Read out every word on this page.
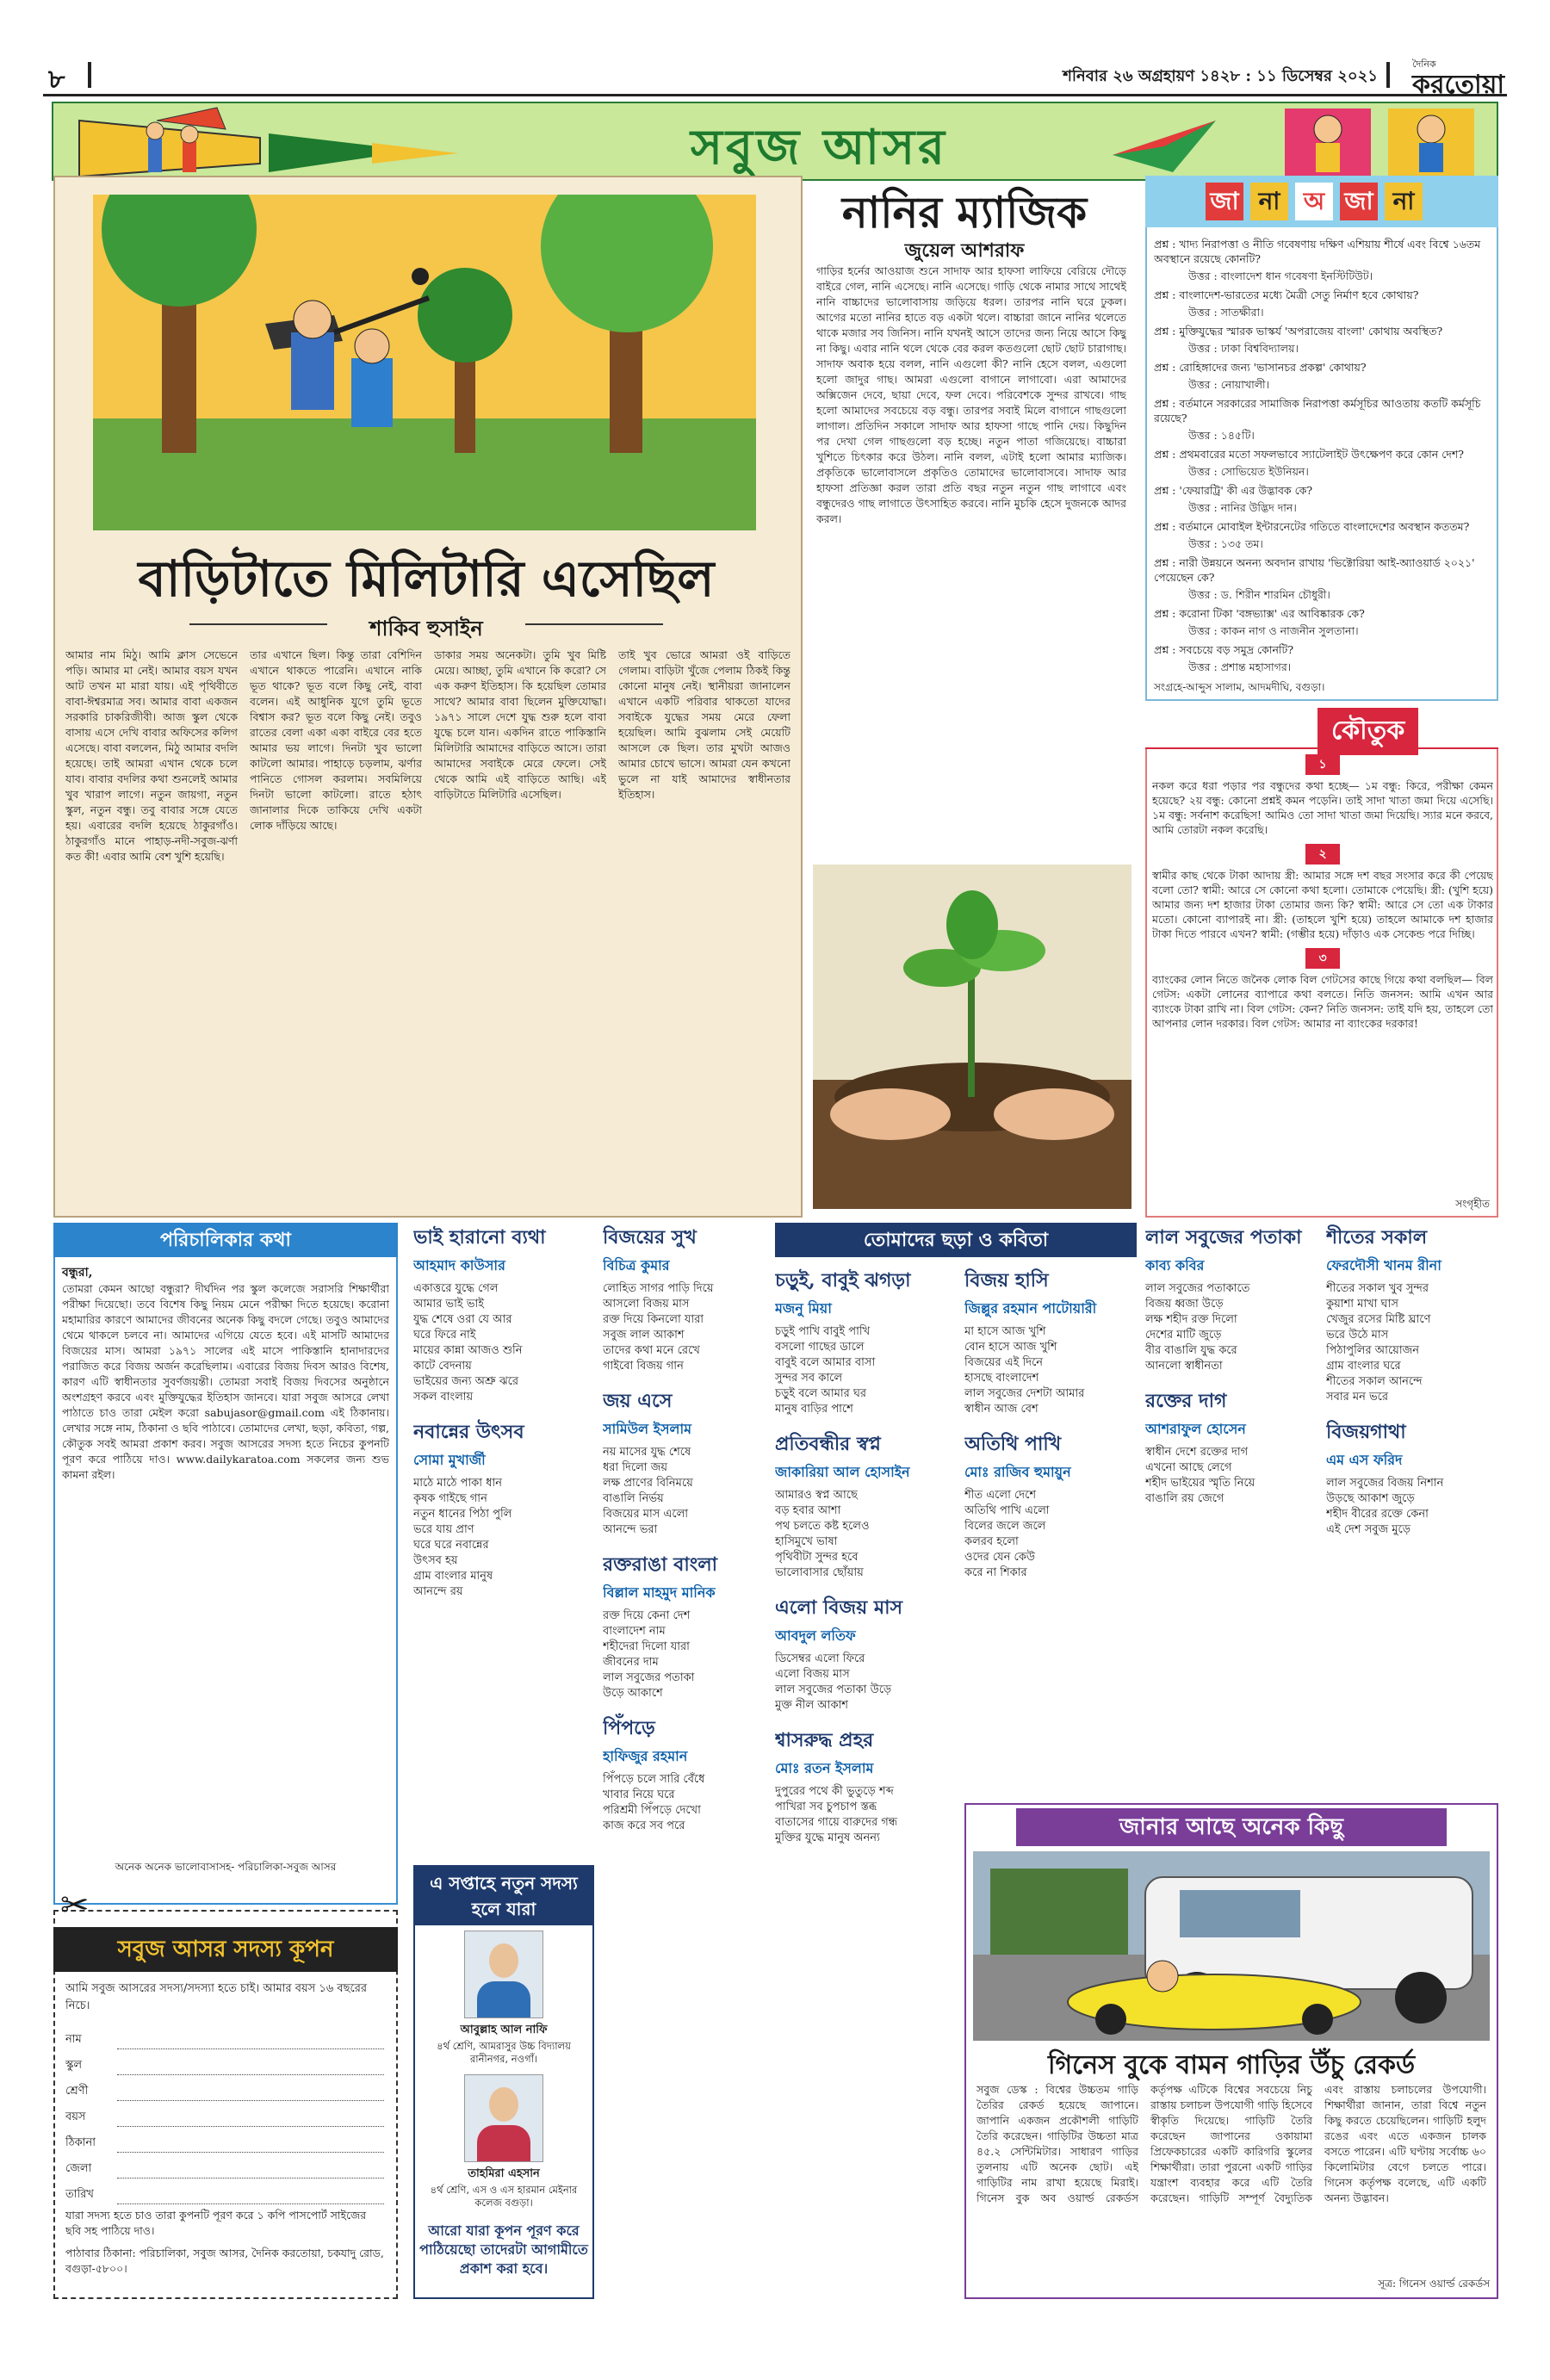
৮	শনিবার ২৬ অগ্রহায়ণ ১৪২৮ : ১১ ডিসেম্বর ২০২১
দৈনিক
করতোয়া
সবুজ আসর
বাড়িটাতে মিলিটারি এসেছিল
শাকিব হুসাইন
আমার নাম মিঠু। আমি ক্লাস সেভেনে পড়ি। আমার মা নেই। আমার বয়স যখন আট তখন মা মারা যায়। এই পৃথিবীতে বাবা-ঈশ্বরমাত্র সব। আমার বাবা একজন সরকারি চাকরিজীবী। আজ স্কুল থেকে বাসায় এসে দেখি বাবার অফিসের কলিগ এসেছে। বাবা বললেন, মিঠু আমার বদলি হয়েছে। তাই আমরা এখান থেকে চলে যাব। বাবার বদলির কথা শুনলেই আমার খুব খারাপ লাগে। নতুন জায়গা, নতুন স্কুল, নতুন বন্ধু। তবু বাবার সঙ্গে যেতে হয়। এবারের বদলি হয়েছে ঠাকুরগাঁও। ঠাকুরগাঁও মানে পাহাড়-নদী-সবুজ-ঝর্ণা কত কী! এবার আমি বেশ খুশি হয়েছি।
তার এখানে ছিল। কিন্তু তারা বেশিদিন এখানে থাকতে পারেনি। এখানে নাকি ভূত থাকে? ভূত বলে কিছু নেই, বাবা বলেন। এই আধুনিক যুগে তুমি ভূতে বিশ্বাস কর? ভূত বলে কিছু নেই। তবুও রাতের বেলা একা একা বাইরে বের হতে আমার ভয় লাগে। দিনটা খুব ভালো কাটলো আমার। পাহাড়ে চড়লাম, ঝর্ণার পানিতে গোসল করলাম। সবমিলিয়ে দিনটা ভালো কাটলো। রাতে হঠাৎ জানালার দিকে তাকিয়ে দেখি একটা লোক দাঁড়িয়ে আছে।
ডাকার সময় অনেকটা। তুমি খুব মিষ্টি মেয়ে। আচ্ছা, তুমি এখানে কি করো? সে এক করুণ ইতিহাস। কি হয়েছিল তোমার সাথে? আমার বাবা ছিলেন মুক্তিযোদ্ধা। ১৯৭১ সালে দেশে যুদ্ধ শুরু হলে বাবা যুদ্ধে চলে যান। একদিন রাতে পাকিস্তানি মিলিটারি আমাদের বাড়িতে আসে। তারা আমাদের সবাইকে মেরে ফেলে। সেই থেকে আমি এই বাড়িতে আছি। এই বাড়িটাতে মিলিটারি এসেছিল।
তাই খুব ভোরে আমরা ওই বাড়িতে গেলাম। বাড়িটা খুঁজে পেলাম ঠিকই কিন্তু কোনো মানুষ নেই। স্থানীয়রা জানালেন এখানে একটি পরিবার থাকতো যাদের সবাইকে যুদ্ধের সময় মেরে ফেলা হয়েছিল। আমি বুঝলাম সেই মেয়েটি আসলে কে ছিল। তার মুখটা আজও আমার চোখে ভাসে। আমরা যেন কখনো ভুলে না যাই আমাদের স্বাধীনতার ইতিহাস।
নানির ম্যাজিক
জুয়েল আশরাফ
গাড়ির হর্নের আওয়াজ শুনে সাদাফ আর হাফসা লাফিয়ে বেরিয়ে দৌড়ে বাইরে গেল, নানি এসেছে। নানি এসেছে। গাড়ি থেকে নামার সাথে সাথেই নানি বাচ্চাদের ভালোবাসায় জড়িয়ে ধরল। তারপর নানি ঘরে ঢুকল। আগের মতো নানির হাতে বড় একটা থলে। বাচ্চারা জানে নানির থলেতে থাকে মজার সব জিনিস। নানি যখনই আসে তাদের জন্য নিয়ে আসে কিছু না কিছু। এবার নানি থলে থেকে বের করল কতগুলো ছোট ছোট চারাগাছ। সাদাফ অবাক হয়ে বলল, নানি এগুলো কী? নানি হেসে বলল, এগুলো হলো জাদুর গাছ। আমরা এগুলো বাগানে লাগাবো। এরা আমাদের অক্সিজেন দেবে, ছায়া দেবে, ফল দেবে। পরিবেশকে সুন্দর রাখবে। গাছ হলো আমাদের সবচেয়ে বড় বন্ধু। তারপর সবাই মিলে বাগানে গাছগুলো লাগাল। প্রতিদিন সকালে সাদাফ আর হাফসা গাছে পানি দেয়। কিছুদিন পর দেখা গেল গাছগুলো বড় হচ্ছে। নতুন পাতা গজিয়েছে। বাচ্চারা খুশিতে চিৎকার করে উঠল। নানি বলল, এটাই হলো আমার ম্যাজিক। প্রকৃতিকে ভালোবাসলে প্রকৃতিও তোমাদের ভালোবাসবে। সাদাফ আর হাফসা প্রতিজ্ঞা করল তারা প্রতি বছর নতুন নতুন গাছ লাগাবে এবং বন্ধুদেরও গাছ লাগাতে উৎসাহিত করবে। নানি মুচকি হেসে দুজনকে আদর করল।
জা না অ জা না
প্রশ্ন : খাদ্য নিরাপত্তা ও নীতি গবেষণায় দক্ষিণ এশিয়ায় শীর্ষে এবং বিশ্বে ১৬তম অবস্থানে রয়েছে কোনটি?
উত্তর : বাংলাদেশ ধান গবেষণা ইনস্টিটিউট।
প্রশ্ন : বাংলাদেশ-ভারতের মধ্যে মৈত্রী সেতু নির্মাণ হবে কোথায়?
উত্তর : সাতক্ষীরা।
প্রশ্ন : মুক্তিযুদ্ধের স্মারক ভাস্কর্য 'অপরাজেয় বাংলা' কোথায় অবস্থিত?
উত্তর : ঢাকা বিশ্ববিদ্যালয়।
প্রশ্ন : রোহিঙ্গাদের জন্য 'ভাসানচর প্রকল্প' কোথায়?
উত্তর : নোয়াখালী।
প্রশ্ন : বর্তমানে সরকারের সামাজিক নিরাপত্তা কর্মসূচির আওতায় কতটি কর্মসূচি রয়েছে?
উত্তর : ১৪৫টি।
প্রশ্ন : প্রথমবারের মতো সফলভাবে স্যাটেলাইট উৎক্ষেপণ করে কোন দেশ?
উত্তর : সোভিয়েত ইউনিয়ন।
প্রশ্ন : 'ফেয়ারট্রি' কী এর উদ্ভাবক কে?
উত্তর : নানির উদ্ভিদ দান।
প্রশ্ন : বর্তমানে মোবাইল ইন্টারনেটের গতিতে বাংলাদেশের অবস্থান কততম?
উত্তর : ১৩৫ তম।
প্রশ্ন : নারী উন্নয়নে অনন্য অবদান রাখায় 'ভিক্টোরিয়া আই-অ্যাওয়ার্ড ২০২১' পেয়েছেন কে?
উত্তর : ড. শিরীন শারমিন চৌধুরী।
প্রশ্ন : করোনা টিকা 'বঙ্গভ্যাক্স' এর আবিষ্কারক কে?
উত্তর : কাকন নাগ ও নাজনীন সুলতানা।
প্রশ্ন : সবচেয়ে বড় সমুদ্র কোনটি?
উত্তর : প্রশান্ত মহাসাগর।
সংগ্রহে-আব্দুস সালাম, আদমদীঘি, বগুড়া।
কৌতুক
১
নকল করে ধরা পড়ার পর বন্ধুদের কথা হচ্ছে— ১ম বন্ধু: কিরে, পরীক্ষা কেমন হয়েছে? ২য় বন্ধু: কোনো প্রশ্নই কমন পড়েনি। তাই সাদা খাতা জমা দিয়ে এসেছি। ১ম বন্ধু: সর্বনাশ করেছিস! আমিও তো সাদা খাতা জমা দিয়েছি। স্যার মনে করবে, আমি তোরটা নকল করেছি।
২
স্বামীর কাছ থেকে টাকা আদায় স্ত্রী: আমার সঙ্গে দশ বছর সংসার করে কী পেয়েছ বলো তো? স্বামী: আরে সে কোনো কথা হলো। তোমাকে পেয়েছি। স্ত্রী: (খুশি হয়ে) আমার জন্য দশ হাজার টাকা তোমার জন্য কি? স্বামী: আরে সে তো এক টাকার মতো। কোনো ব্যাপারই না। স্ত্রী: (তাহলে খুশি হয়ে) তাহলে আমাকে দশ হাজার টাকা দিতে পারবে এখন? স্বামী: (গম্ভীর হয়ে) দাঁড়াও এক সেকেন্ড পরে দিচ্ছি।
৩
ব্যাংকের লোন নিতে জনৈক লোক বিল গেটসের কাছে গিয়ে কথা বলছিল— বিল গেটস: একটা লোনের ব্যাপারে কথা বলতে। নিতি জনসন: আমি এখন আর ব্যাংকে টাকা রাখি না। বিল গেটস: কেন? নিতি জনসন: তাই যদি হয়, তাহলে তো আপনার লোন দরকার। বিল গেটস: আমার না ব্যাংকের দরকার!
সংগৃহীত
পরিচালিকার কথা
বন্ধুরা,
তোমরা কেমন আছো বন্ধুরা? দীর্ঘদিন পর স্কুল কলেজে সরাসরি শিক্ষার্থীরা পরীক্ষা দিয়েছো। তবে বিশেষ কিছু নিয়ম মেনে পরীক্ষা দিতে হয়েছে। করোনা মহামারির কারণে আমাদের জীবনের অনেক কিছু বদলে গেছে। তবুও আমাদের থেমে থাকলে চলবে না। আমাদের এগিয়ে যেতে হবে। এই মাসটি আমাদের বিজয়ের মাস। আমরা ১৯৭১ সালের এই মাসে পাকিস্তানি হানাদারদের পরাজিত করে বিজয় অর্জন করেছিলাম। এবারের বিজয় দিবস আরও বিশেষ, কারণ এটি স্বাধীনতার সুবর্ণজয়ন্তী। তোমরা সবাই বিজয় দিবসের অনুষ্ঠানে অংশগ্রহণ করবে এবং মুক্তিযুদ্ধের ইতিহাস জানবে। যারা সবুজ আসরে লেখা পাঠাতে চাও তারা মেইল করো sabujasor@gmail.com এই ঠিকানায়। লেখার সঙ্গে নাম, ঠিকানা ও ছবি পাঠাবে। তোমাদের লেখা, ছড়া, কবিতা, গল্প, কৌতুক সবই আমরা প্রকাশ করব। সবুজ আসরের সদস্য হতে নিচের কুপনটি পূরণ করে পাঠিয়ে দাও। www.dailykaratoa.com সকলের জন্য শুভ কামনা রইল।
অনেক অনেক ভালোবাসাসহ- পরিচালিকা-সবুজ আসর
✂
সবুজ আসর সদস্য কূপন
আমি সবুজ আসরের সদস্য/সদস্যা হতে চাই। আমার বয়স ১৬ বছরের নিচে।
নাম
স্কুল
শ্রেণী
বয়স
ঠিকানা
জেলা
তারিখ
যারা সদস্য হতে চাও তারা কুপনটি পূরণ করে ১ কপি পাসপোর্ট সাইজের ছবি সহ পাঠিয়ে দাও।
পাঠাবার ঠিকানা: পরিচালিকা, সবুজ আসর, দৈনিক করতোয়া, চকযাদু রোড, বগুড়া-৫৮০০।
তোমাদের ছড়া ও কবিতা
ভাই হারানো ব্যথা
আহমাদ কাউসার
একাত্তরে যুদ্ধে গেল
আমার ভাই ভাই
যুদ্ধ শেষে ওরা যে আর
ঘরে ফিরে নাই
মায়ের কান্না আজও শুনি
কাটে বেদনায়
ভাইয়ের জন্য অশ্রু ঝরে
সকল বাংলায়
নবান্নের উৎসব
সোমা মুখার্জী
মাঠে মাঠে পাকা ধান
কৃষক গাইছে গান
নতুন ধানের পিঠা পুলি
ভরে যায় প্রাণ
ঘরে ঘরে নবান্নের
উৎসব হয়
গ্রাম বাংলার মানুষ
আনন্দে রয়
বিজয়ের সুখ
বিচিত্র কুমার
লোহিত সাগর পাড়ি দিয়ে
আসলো বিজয় মাস
রক্ত দিয়ে কিনলো যারা
সবুজ লাল আকাশ
তাদের কথা মনে রেখে
গাইবো বিজয় গান
জয় এসে
সামিউল ইসলাম
নয় মাসের যুদ্ধ শেষে
ধরা দিলো জয়
লক্ষ প্রাণের বিনিময়ে
বাঙালি নির্ভয়
বিজয়ের মাস এলো
আনন্দে ভরা
রক্তরাঙা বাংলা
বিল্লাল মাহমুদ মানিক
রক্ত দিয়ে কেনা দেশ
বাংলাদেশ নাম
শহীদেরা দিলো যারা
জীবনের দাম
লাল সবুজের পতাকা
উড়ে আকাশে
পিঁপড়ে
হাফিজুর রহমান
পিঁপড়ে চলে সারি বেঁধে
খাবার নিয়ে ঘরে
পরিশ্রমী পিঁপড়ে দেখো
কাজ করে সব পরে
চড়ুই, বাবুই ঝগড়া
মজনু মিয়া
চড়ুই পাখি বাবুই পাখি
বসলো গাছের ডালে
বাবুই বলে আমার বাসা
সুন্দর সব কালে
চড়ুই বলে আমার ঘর
মানুষ বাড়ির পাশে
প্রতিবন্ধীর স্বপ্ন
জাকারিয়া আল হোসাইন
আমারও স্বপ্ন আছে
বড় হবার আশা
পথ চলতে কষ্ট হলেও
হাসিমুখে ভাষা
পৃথিবীটা সুন্দর হবে
ভালোবাসার ছোঁয়ায়
এলো বিজয় মাস
আবদুল লতিফ
ডিসেম্বর এলো ফিরে
এলো বিজয় মাস
লাল সবুজের পতাকা উড়ে
মুক্ত নীল আকাশ
শ্বাসরুদ্ধ প্রহর
মোঃ রতন ইসলাম
দুপুরের পথে কী ভুতুড়ে শব্দ
পাখিরা সব চুপচাপ স্তব্ধ
বাতাসের গায়ে বারুদের গন্ধ
মুক্তির যুদ্ধে মানুষ অনন্য
বিজয় হাসি
জিল্লুর রহমান পাটোয়ারী
মা হাসে আজ খুশি
বোন হাসে আজ খুশি
বিজয়ের এই দিনে
হাসছে বাংলাদেশ
লাল সবুজের দেশটা আমার
স্বাধীন আজ বেশ
অতিথি পাখি
মোঃ রাজিব হুমায়ুন
শীত এলো দেশে
অতিথি পাখি এলো
বিলের জলে জলে
কলরব হলো
ওদের যেন কেউ
করে না শিকার
লাল সবুজের পতাকা
কাব্য কবির
লাল সবুজের পতাকাতে
বিজয় ধ্বজা উড়ে
লক্ষ শহীদ রক্ত দিলো
দেশের মাটি জুড়ে
বীর বাঙালি যুদ্ধ করে
আনলো স্বাধীনতা
রক্তের দাগ
আশরাফুল হোসেন
স্বাধীন দেশে রক্তের দাগ
এখনো আছে লেগে
শহীদ ভাইয়ের স্মৃতি নিয়ে
বাঙালি রয় জেগে
শীতের সকাল
ফেরদৌসী খানম রীনা
শীতের সকাল খুব সুন্দর
কুয়াশা মাখা ঘাস
খেজুর রসের মিষ্টি ঘ্রাণে
ভরে উঠে মাস
পিঠাপুলির আয়োজন
গ্রাম বাংলার ঘরে
শীতের সকাল আনন্দে
সবার মন ভরে
বিজয়গাথা
এম এস ফরিদ
লাল সবুজের বিজয় নিশান
উড়ছে আকাশ জুড়ে
শহীদ বীরের রক্তে কেনা
এই দেশ সবুজ মুড়ে
এ সপ্তাহে নতুন সদস্য হলে যারা
আবুল্লাহ আল নাফি
৪র্থ শ্রেণি, আমরাসুর উচ্চ বিদ্যালয় রানীনগর, নওগাঁ।
তাহমিরা এহসান
৪র্থ শ্রেণি, এস ও এস হারমান মেইনার কলেজ বগুড়া।
আরো যারা কূপন পূরণ করে পাঠিয়েছো তাদেরটা আগামীতে প্রকাশ করা হবে।
জানার আছে অনেক কিছু
গিনেস বুকে বামন গাড়ির উঁচু রেকর্ড
সবুজ ডেস্ক : বিশ্বের উচ্চতম গাড়ি তৈরির রেকর্ড হয়েছে জাপানে। জাপানি একজন প্রকৌশলী গাড়িটি তৈরি করেছেন। গাড়িটির উচ্চতা মাত্র ৪৫.২ সেন্টিমিটার। সাধারণ গাড়ির তুলনায় এটি অনেক ছোট। এই গাড়িটির নাম রাখা হয়েছে মিরাই। গিনেস বুক অব ওয়ার্ল্ড রেকর্ডস কর্তৃপক্ষ এটিকে বিশ্বের সবচেয়ে নিচু রাস্তায় চলাচল উপযোগী গাড়ি হিসেবে স্বীকৃতি দিয়েছে। গাড়িটি তৈরি করেছেন জাপানের ওকায়ামা প্রিফেকচারের একটি কারিগরি স্কুলের শিক্ষার্থীরা। তারা পুরনো একটি গাড়ির যন্ত্রাংশ ব্যবহার করে এটি তৈরি করেছেন। গাড়িটি সম্পূর্ণ বৈদ্যুতিক এবং রাস্তায় চলাচলের উপযোগী। শিক্ষার্থীরা জানান, তারা বিশ্বে নতুন কিছু করতে চেয়েছিলেন। গাড়িটি হলুদ রঙের এবং এতে একজন চালক বসতে পারেন। এটি ঘণ্টায় সর্বোচ্চ ৬০ কিলোমিটার বেগে চলতে পারে। গিনেস কর্তৃপক্ষ বলেছে, এটি একটি অনন্য উদ্ভাবন।
সূত্র: গিনেস ওয়ার্ল্ড রেকর্ডস
